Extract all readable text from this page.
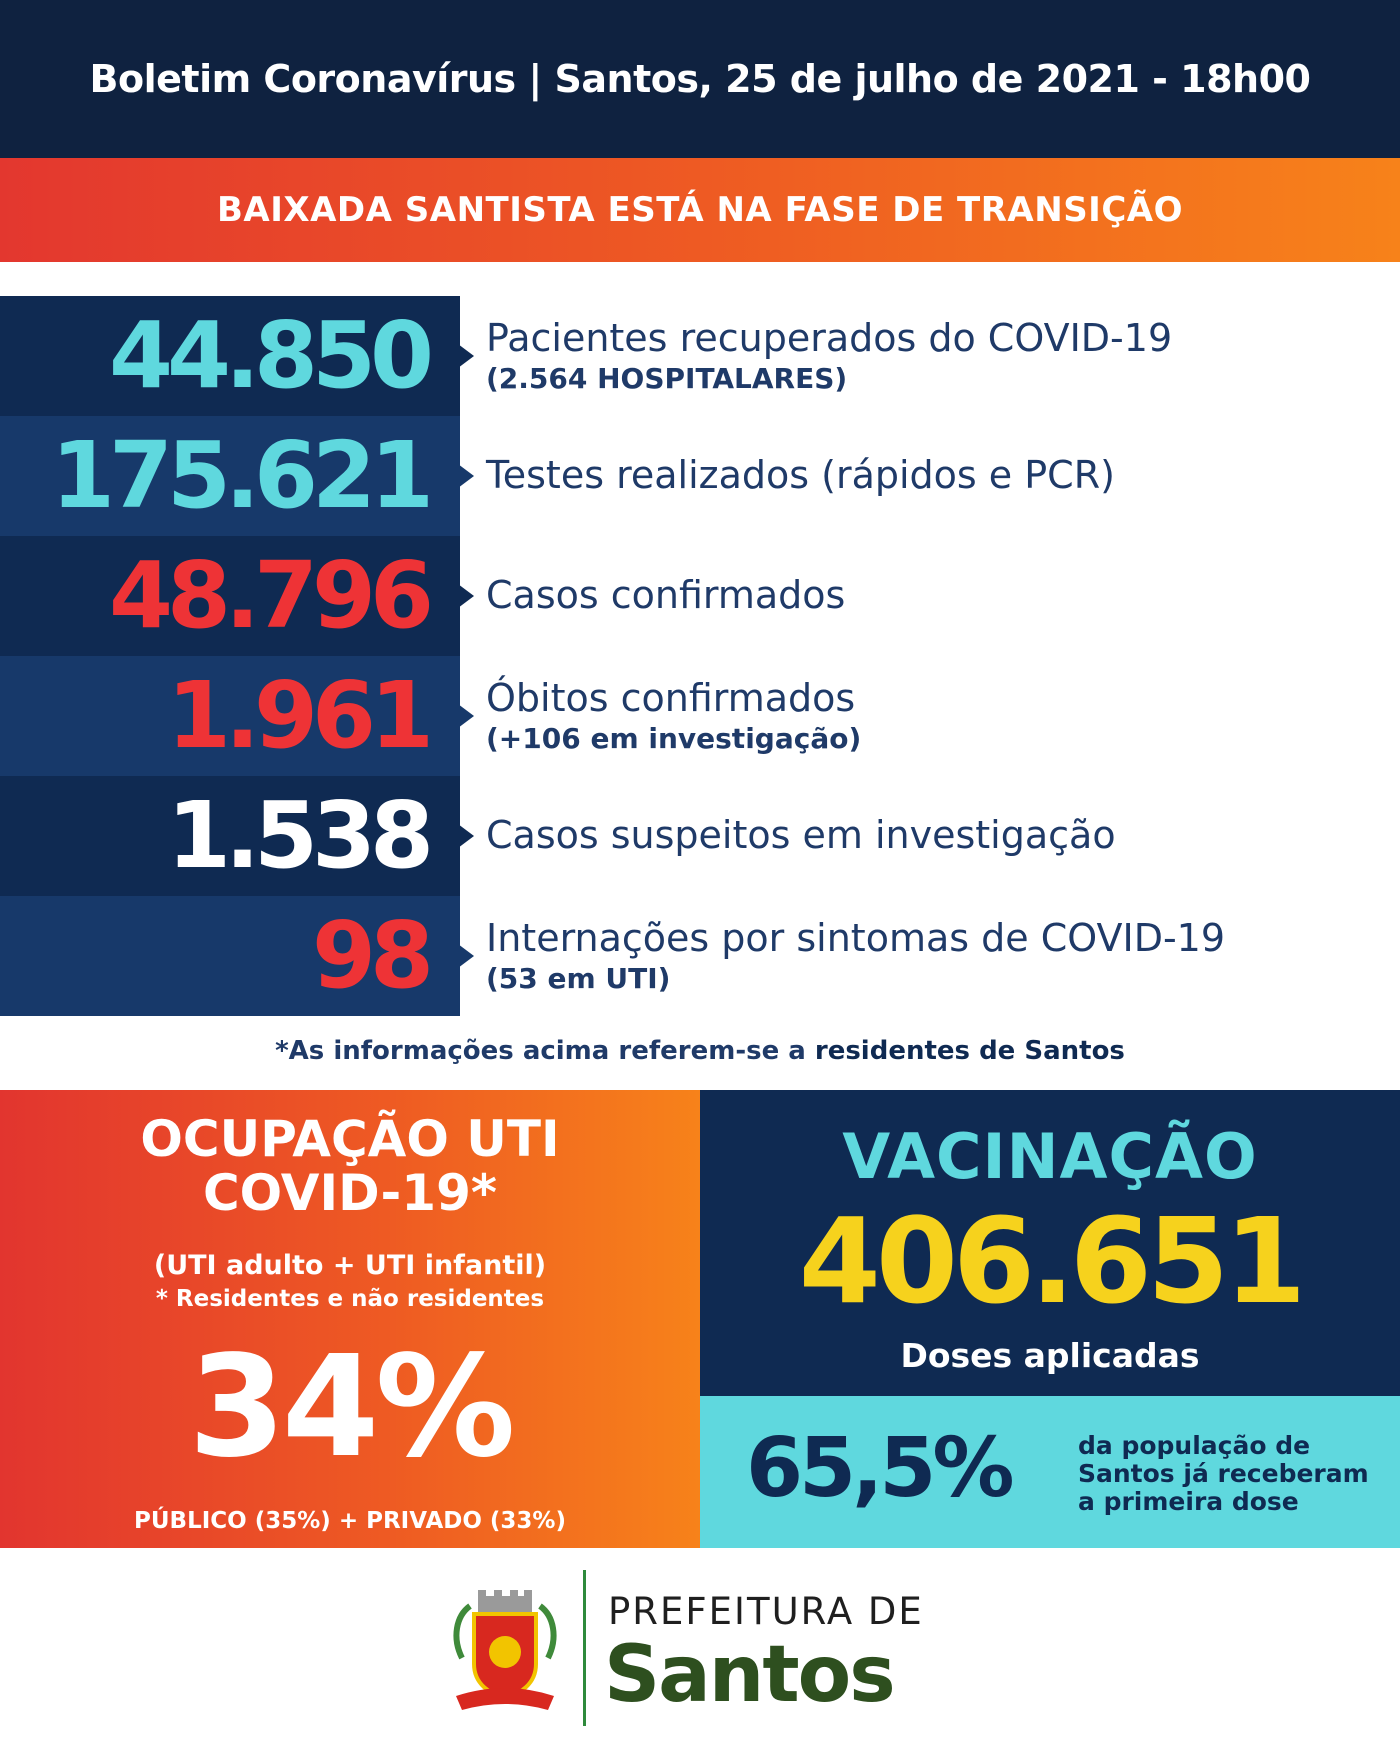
Boletim Coronavírus | Santos, 25 de julho de 2021 - 18h00
BAIXADA SANTISTA ESTÁ NA FASE DE TRANSIÇÃO
44.850 Pacientes recuperados do COVID-19
(2.564 HOSPITALARES)
175.621 Testes realizados (rápidos e PCR)
48.796 Casos confirmados
1.961 Óbitos confirmados
(+106 em investigação)
1.538 Casos suspeitos em investigação
98 Internações por sintomas de COVID-19
(53 em UTI)
*As informações acima referem-se a residentes de Santos
OCUPAÇÃO UTI
COVID-19*
(UTI adulto + UTI infantil)
* Residentes e não residentes
34%
PÚBLICO (35%) + PRIVADO (33%)
VACINAÇÃO
406.651
Doses aplicadas
65,5%	da população de Santos já receberam a primeira dose
PREFEITURA DE
Santos
